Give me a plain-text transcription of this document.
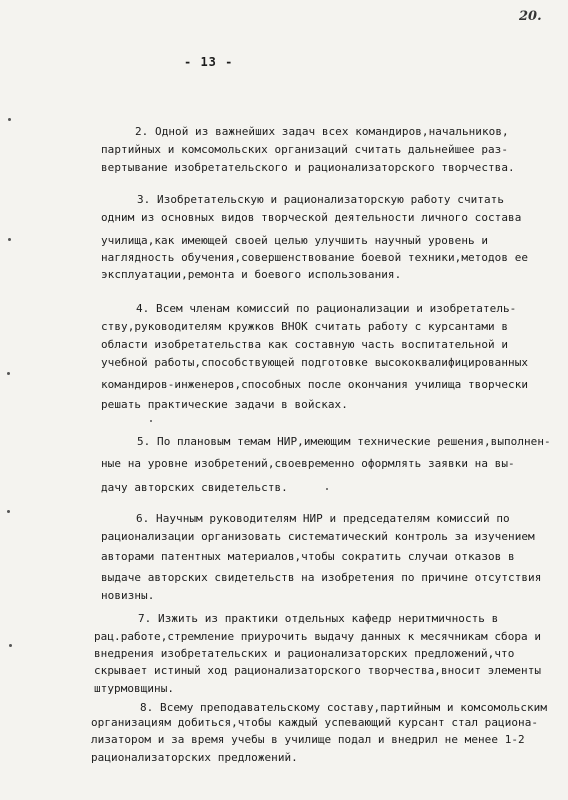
20.
- 13 -
2. Одной из важнейших задач всех командиров,начальников,
партийных и комсомольских организаций считать дальнейшее раз-
вертывание изобретательского и рационализаторского творчества.
3. Изобретательскую и рационализаторскую работу считать
одним из основных видов творческой деятельности личного состава
училища,как имеющей своей целью улучшить научный уровень и
наглядность обучения,совершенствование боевой техники,методов ее
эксплуатации,ремонта и боевого использования.
4. Всем членам комиссий по рационализации и изобретатель-
ству,руководителям кружков ВНОК считать работу с курсантами в
области изобретательства как составную часть воспитательной и
учебной работы,способствующей подготовке высококвалифицированных
командиров-инженеров,способных после окончания училища творчески
решать практические задачи в войсках.
5. По плановым темам НИР,имеющим технические решения,выполнен-
ные на уровне изобретений,своевременно оформлять заявки на вы-
дачу авторских свидетельств.
6. Научным руководителям НИР и председателям комиссий по
рационализации организовать систематический контроль за изучением
авторами патентных материалов,чтобы сократить случаи отказов в
выдаче авторских свидетельств на изобретения по причине отсутствия
новизны.
7. Изжить из практики отдельных кафедр неритмичность в
рац.работе,стремление приурочить выдачу данных к месячникам сбора и
внедрения изобретательских и рационализаторских предложений,что
скрывает истиный ход рационализаторского творчества,вносит элементы
штурмовщины.
8. Всему преподавательскому составу,партийным и комсомольским
организациям добиться,чтобы каждый успевающий курсант стал рациона-
лизатором и за время учебы в училище подал и внедрил не менее 1-2
рационализаторских предложений.
